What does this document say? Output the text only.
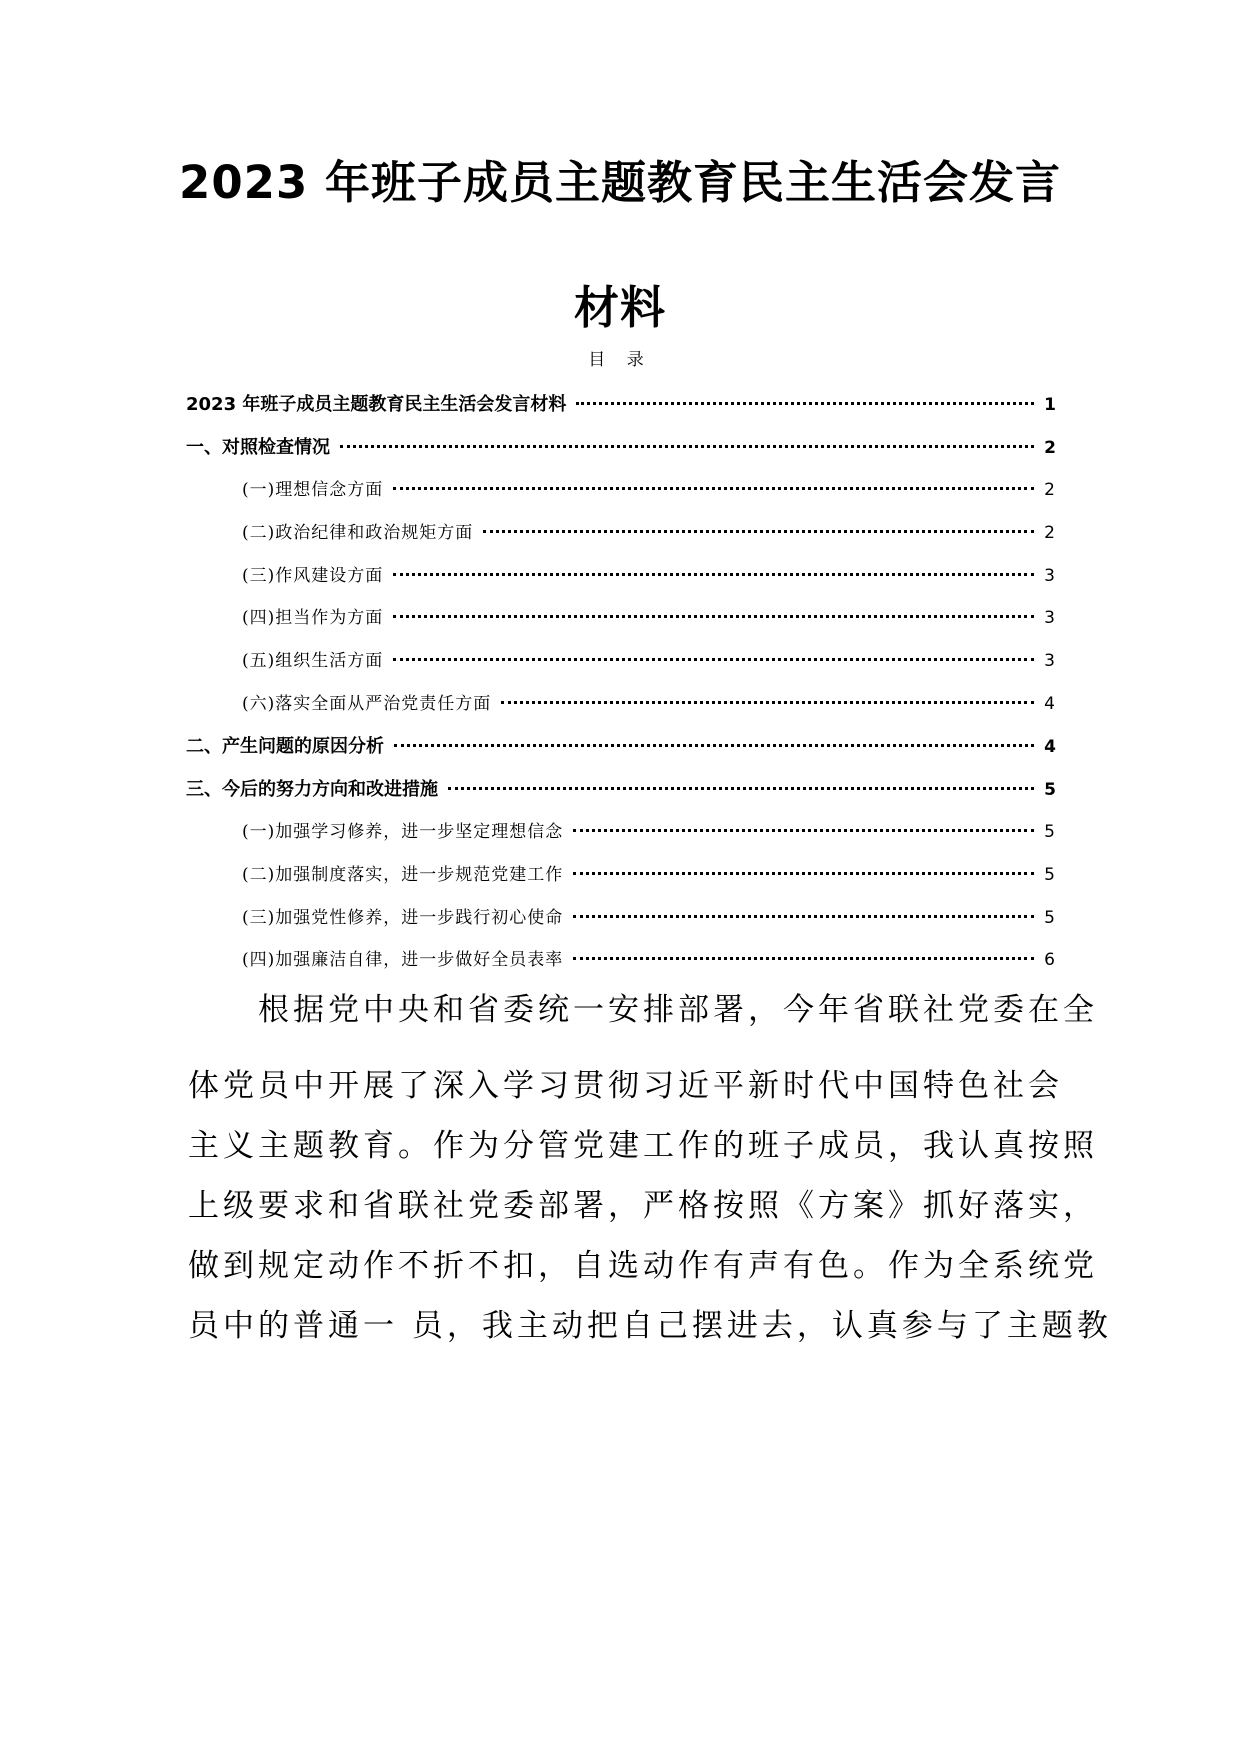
2023 年班子成员主题教育民主生活会发言
材料
目 录
2023 年班子成员主题教育民主生活会发言材料	1
一、对照检查情况	2
(一)理想信念方面	2
(二)政治纪律和政治规矩方面	2
(三)作风建设方面	3
(四)担当作为方面	3
(五)组织生活方面	3
(六)落实全面从严治党责任方面	4
二、产生问题的原因分析	4
三、今后的努力方向和改进措施	5
(一)加强学习修养，进一步坚定理想信念	5
(二)加强制度落实，进一步规范党建工作	5
(三)加强党性修养，进一步践行初心使命	5
(四)加强廉洁自律，进一步做好全员表率	6
　　根据党中央和省委统一安排部署，今年省联社党委在全
体党员中开展了深入学习贯彻习近平新时代中国特色社会
主义主题教育。作为分管党建工作的班子成员，我认真按照
上级要求和省联社党委部署，严格按照《方案》抓好落实，
做到规定动作不折不扣，自选动作有声有色。作为全系统党
员中的普通一 员，我主动把自己摆进去，认真参与了主题教
